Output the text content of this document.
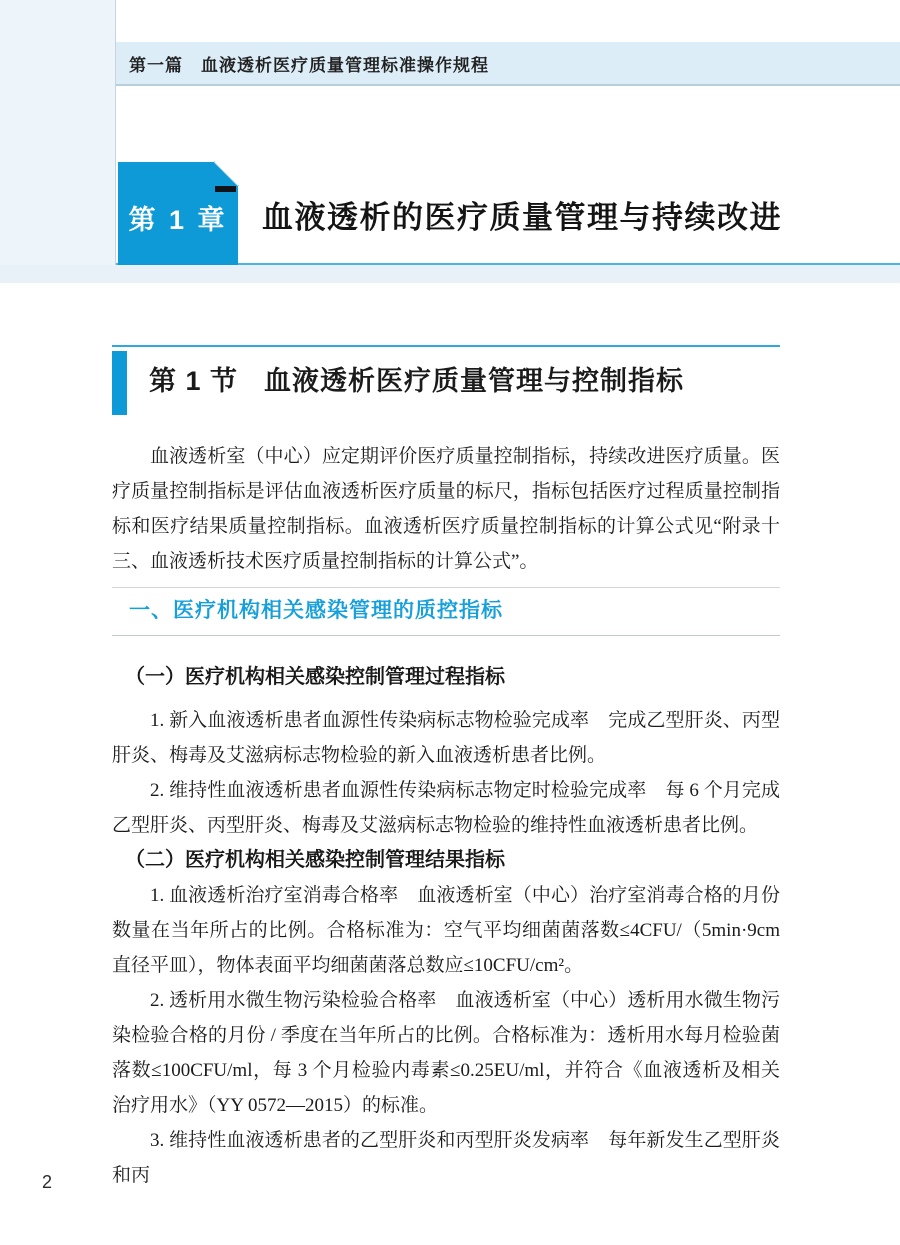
第一篇　血液透析医疗质量管理标准操作规程
第 1 章	血液透析的医疗质量管理与持续改进
第 1 节 血液透析医疗质量管理与控制指标

血液透析室（中心）应定期评价医疗质量控制指标，持续改进医疗质量。医疗质量控制指标是评估血液透析医疗质量的标尺，指标包括医疗过程质量控制指标和医疗结果质量控制指标。血液透析医疗质量控制指标的计算公式见“附录十三、血液透析技术医疗质量控制指标的计算公式”。

一、医疗机构相关感染管理的质控指标
（一）医疗机构相关感染控制管理过程指标

1. 新入血液透析患者血源性传染病标志物检验完成率　完成乙型肝炎、丙型肝炎、梅毒及艾滋病标志物检验的新入血液透析患者比例。

2. 维持性血液透析患者血源性传染病标志物定时检验完成率　每 6 个月完成乙型肝炎、丙型肝炎、梅毒及艾滋病标志物检验的维持性血液透析患者比例。

（二）医疗机构相关感染控制管理结果指标

1. 血液透析治疗室消毒合格率　血液透析室（中心）治疗室消毒合格的月份数量在当年所占的比例。合格标准为：空气平均细菌菌落数≤4CFU/（5min·9cm 直径平皿），物体表面平均细菌菌落总数应≤10CFU/cm²。

2. 透析用水微生物污染检验合格率　血液透析室（中心）透析用水微生物污染检验合格的月份 / 季度在当年所占的比例。合格标准为：透析用水每月检验菌落数≤100CFU/ml，每 3 个月检验内毒素≤0.25EU/ml，并符合《血液透析及相关治疗用水》（YY 0572—2015）的标准。

3. 维持性血液透析患者的乙型肝炎和丙型肝炎发病率　每年新发生乙型肝炎和丙

2
